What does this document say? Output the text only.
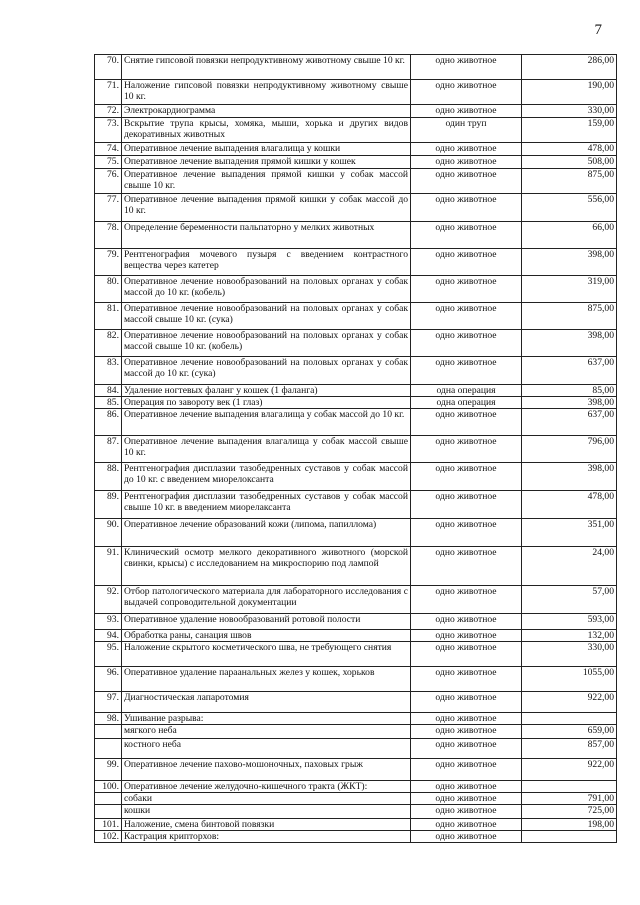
7
70.	Снятие гипсовой повязки непродуктивному животному свыше 10 кг.	одно животное	286,00
71.	Наложение гипсовой повязки непродуктивному животному свыше 10 кг.	одно животное	190,00
72.	Электрокардиограмма	одно животное	330,00
73.	Вскрытие трупа крысы, хомяка, мыши, хорька и других видов декоративных животных	один труп	159,00
74.	Оперативное лечение выпадения влагалища у кошки	одно животное	478,00
75.	Оперативное лечение выпадения прямой кишки у кошек	одно животное	508,00
76.	Оперативное лечение выпадения прямой кишки у собак массой свыше 10 кг.	одно животное	875,00
77.	Оперативное лечение выпадения прямой кишки у собак массой до 10 кг.	одно животное	556,00
78.	Определение беременности пальпаторно у мелких животных	одно животное	66,00
79.	Рентгенография мочевого пузыря с введением контрастного вещества через катетер	одно животное	398,00
80.	Оперативное лечение новообразований на половых органах у собак массой до 10 кг. (кобель)	одно животное	319,00
81.	Оперативное лечение новообразований на половых органах у собак массой свыше 10 кг. (сука)	одно животное	875,00
82.	Оперативное лечение новообразований на половых органах у собак массой свыше 10 кг. (кобель)	одно животное	398,00
83.	Оперативное лечение новообразований на половых органах у собак массой до 10 кг. (сука)	одно животное	637,00
84.	Удаление ногтевых фаланг у кошек (1 фаланга)	одна операция	85,00
85.	Операция по завороту век (1 глаз)	одна операция	398,00
86.	Оперативное лечение выпадения влагалища у собак массой до 10 кг.	одно животное	637,00
87.	Оперативное лечение выпадения влагалища у собак массой свыше 10 кг.	одно животное	796,00
88.	Рентгенография дисплазии тазобедренных суставов у собак массой до 10 кг. с введением миорелоксанта	одно животное	398,00
89.	Рентгенография дисплазии тазобедренных суставов у собак массой свыше 10 кг. в введением миорелаксанта	одно животное	478,00
90.	Оперативное лечение образований кожи (липома, папиллома)	одно животное	351,00
91.	Клинический осмотр мелкого декоративного животного (морской свинки, крысы) с исследованием на микроспорию под лампой	одно животное	24,00
92.	Отбор патологического материала для лабораторного исследования с выдачей сопроводительной документации	одно животное	57,00
93.	Оперативное удаление новообразований ротовой полости	одно животное	593,00
94.	Обработка раны, санация швов	одно животное	132,00
95.	Наложение скрытого косметического шва, не требующего снятия	одно животное	330,00
96.	Оперативное удаление параанальных желез у кошек, хорьков	одно животное	1055,00
97.	Диагностическая лапаротомия	одно животное	922,00
98.	Ушивание разрыва:	одно животное	
	мягкого неба	одно животное	659,00
	костного неба	одно животное	857,00
99.	Оперативное лечение пахово-мошоночных, паховых грыж	одно животное	922,00
100.	Оперативное лечение желудочно-кишечного тракта (ЖКТ):	одно животное	
	собаки	одно животное	791,00
	кошки	одно животное	725,00
101.	Наложение, смена бинтовой повязки	одно животное	198,00
102.	Кастрация крипторхов:	одно животное	
